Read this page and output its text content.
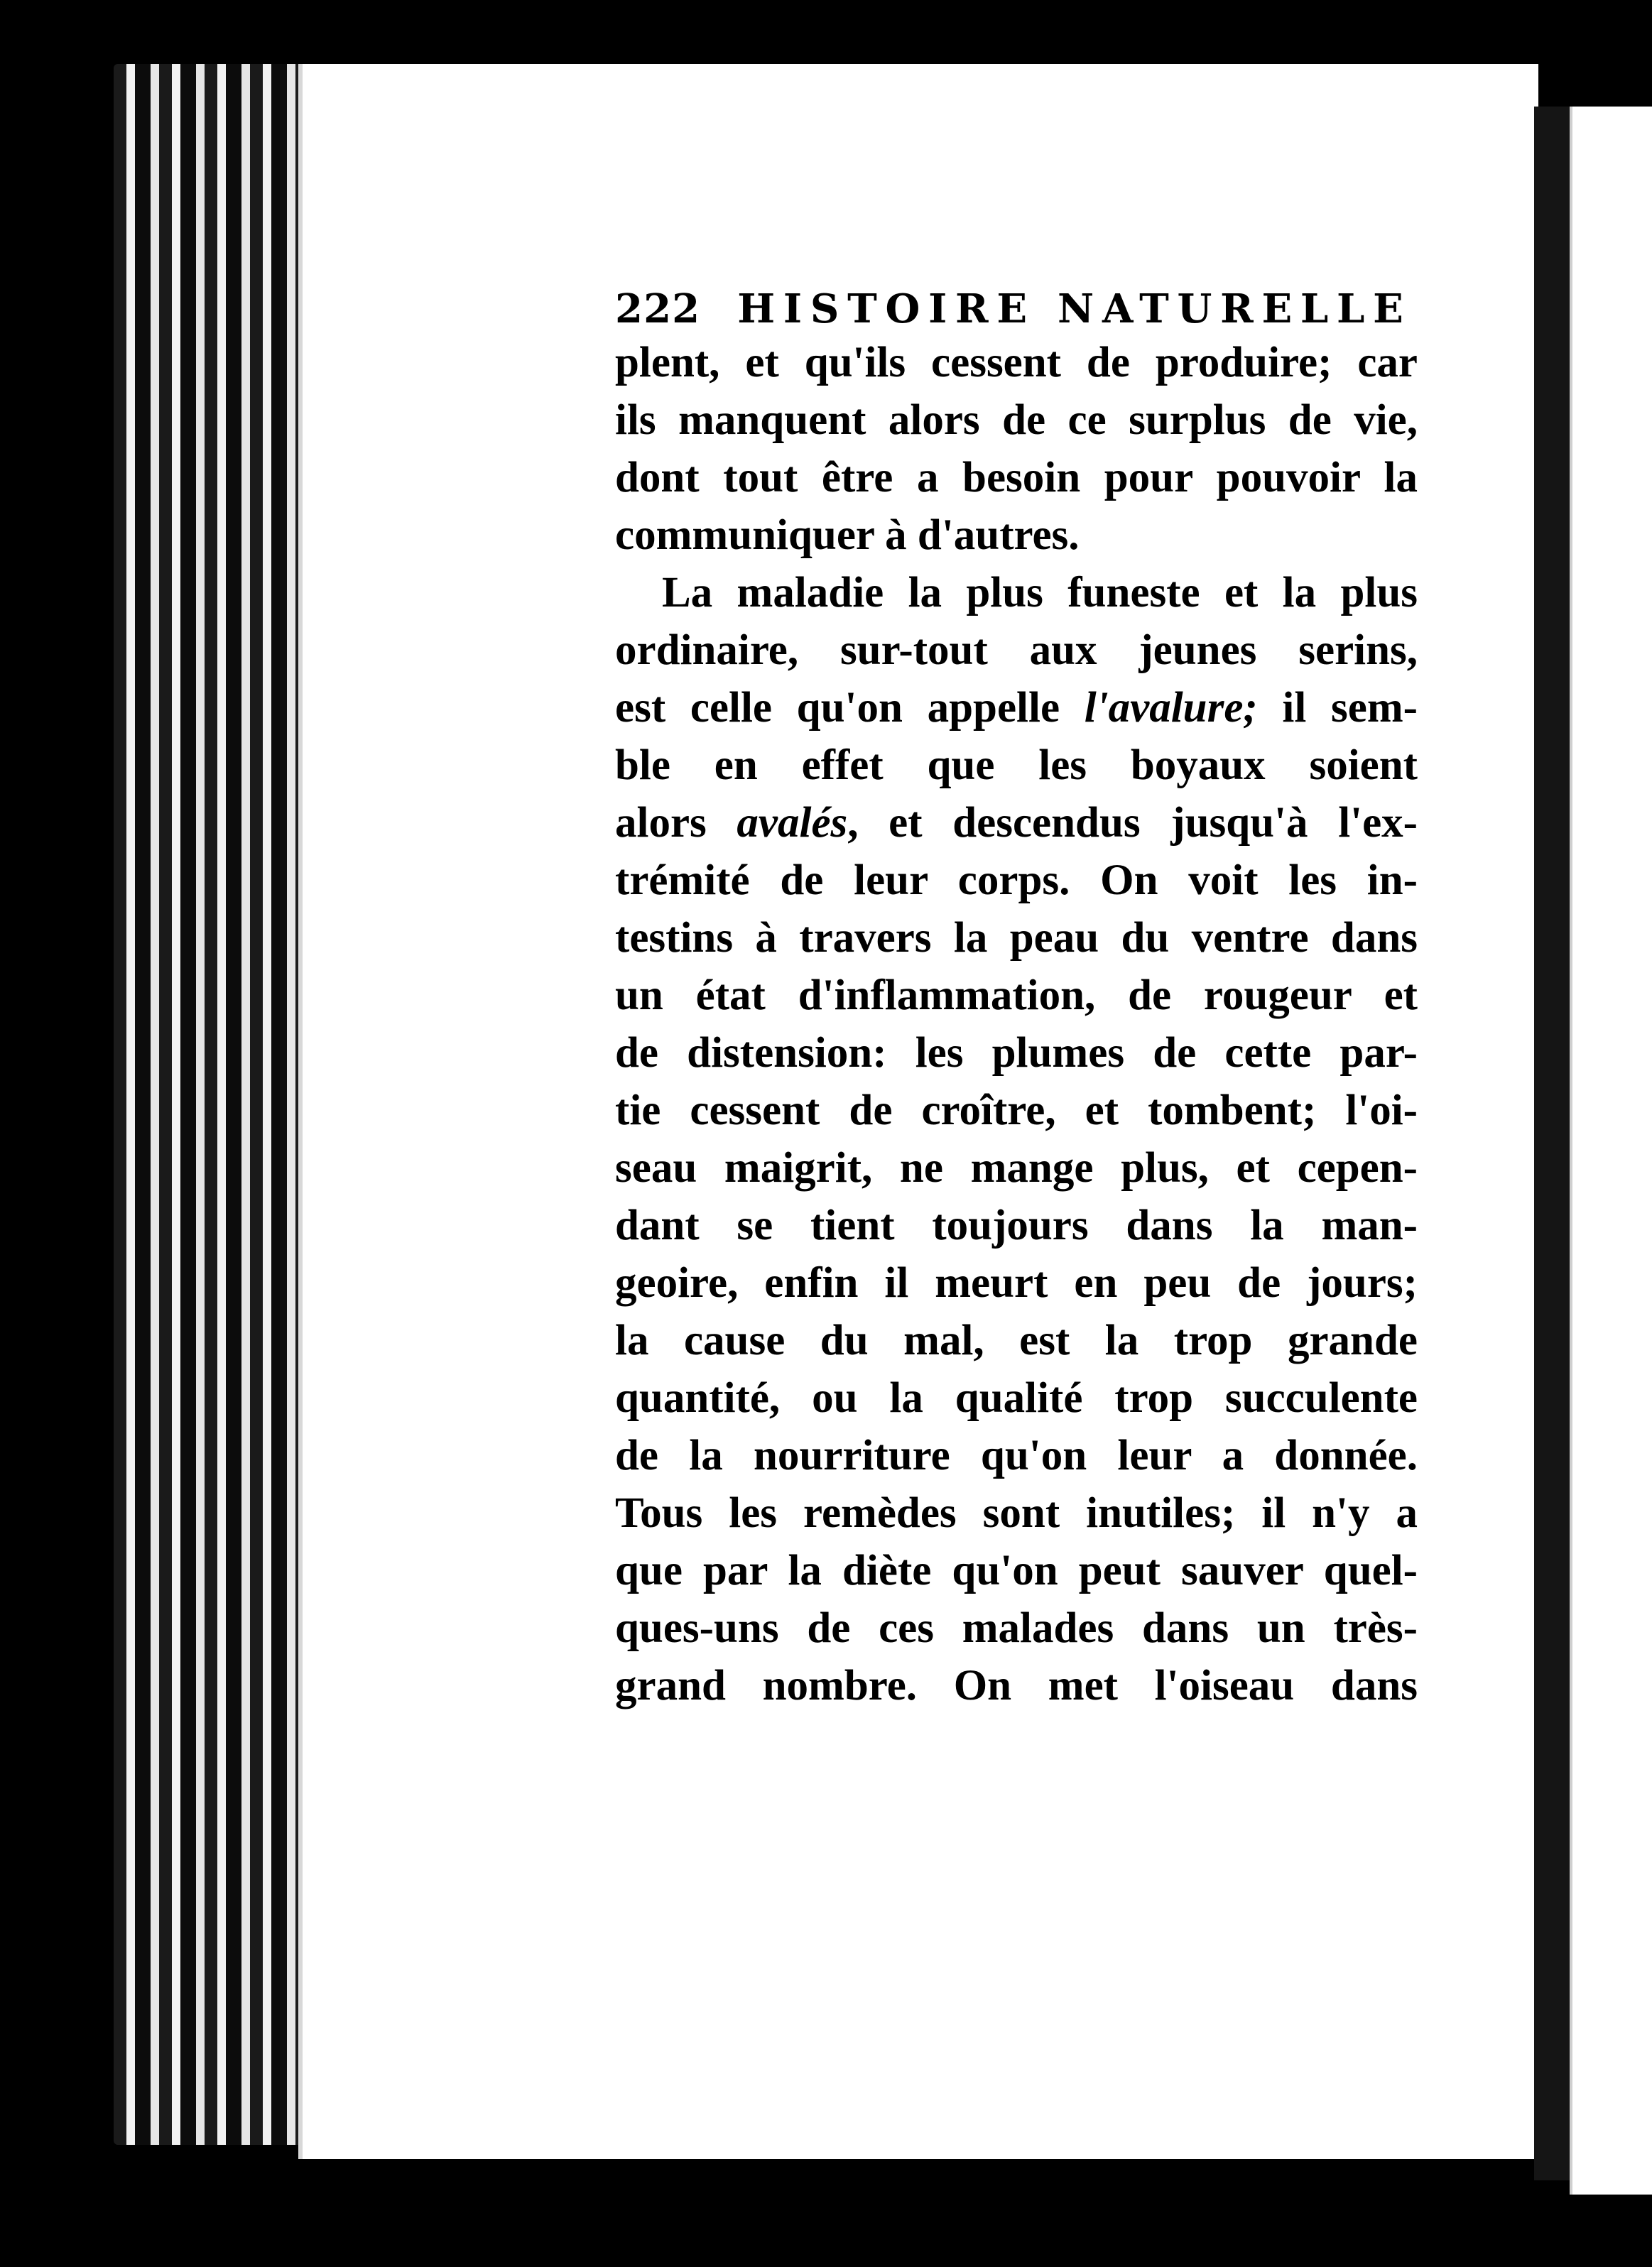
222 HISTOIRE NATURELLE
plent, et qu'ils cessent de produire; car
ils manquent alors de ce surplus de vie,
dont tout être a besoin pour pouvoir la
communiquer à d'autres.
La maladie la plus funeste et la plus
ordinaire, sur-tout aux jeunes serins,
est celle qu'on appelle l'avalure; il sem-
ble en effet que les boyaux soient
alors avalés, et descendus jusqu'à l'ex-
trémité de leur corps. On voit les in-
testins à travers la peau du ventre dans
un état d'inflammation, de rougeur et
de distension: les plumes de cette par-
tie cessent de croître, et tombent; l'oi-
seau maigrit, ne mange plus, et cepen-
dant se tient toujours dans la man-
geoire, enfin il meurt en peu de jours;
la cause du mal, est la trop grande
quantité, ou la qualité trop succulente
de la nourriture qu'on leur a donnée.
Tous les remèdes sont inutiles; il n'y a
que par la diète qu'on peut sauver quel-
ques-uns de ces malades dans un très-
grand nombre. On met l'oiseau dans
